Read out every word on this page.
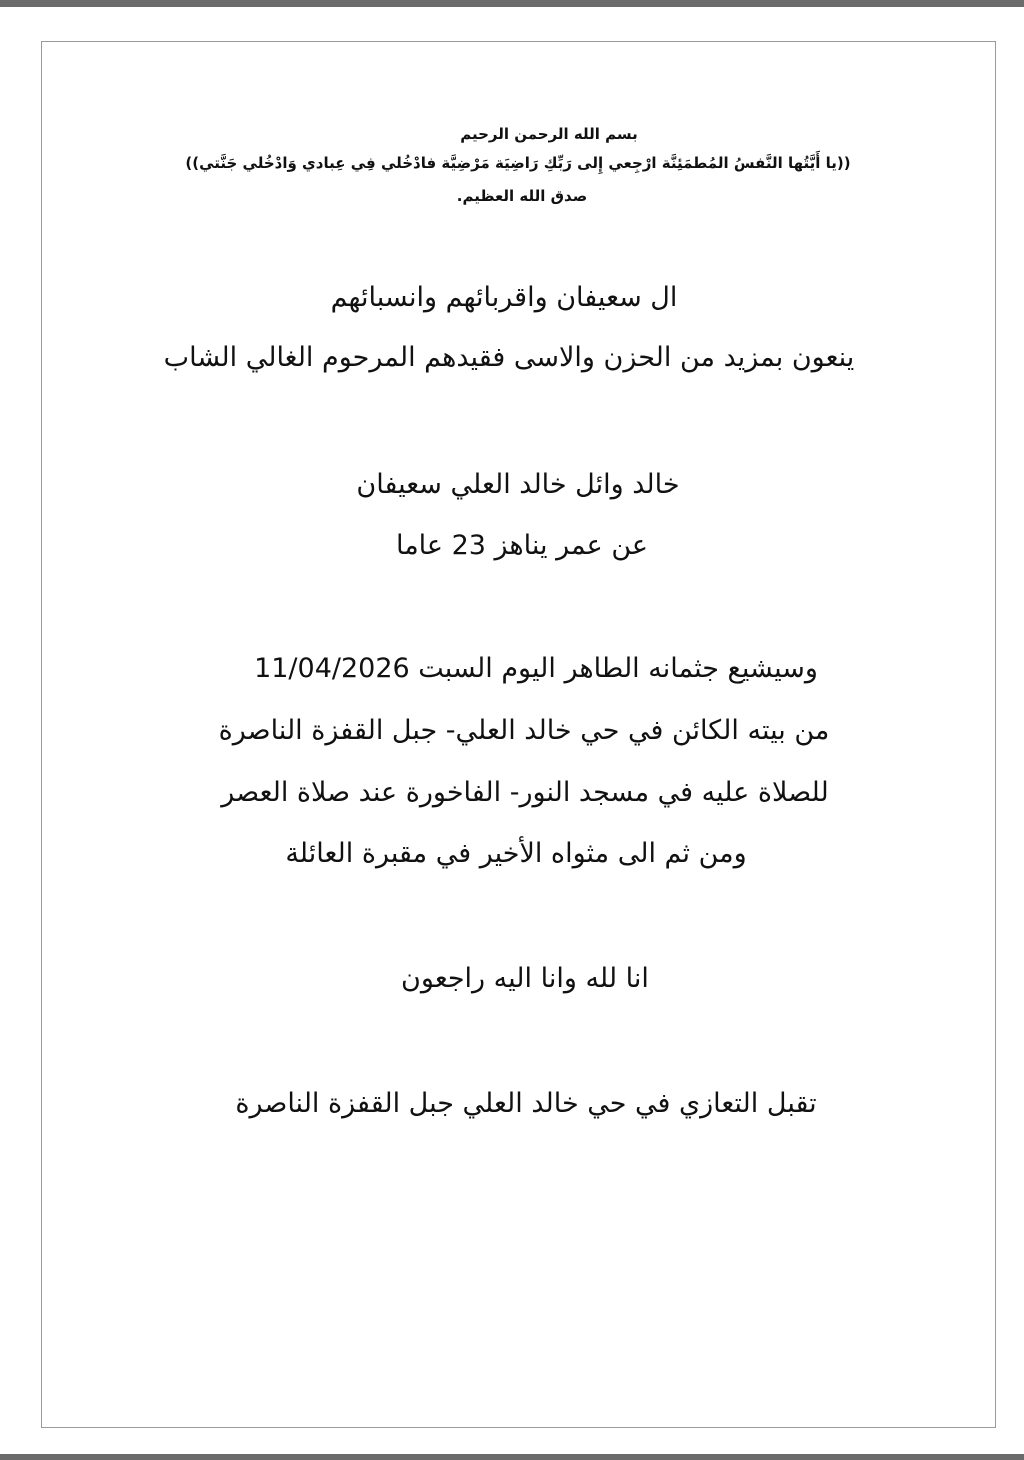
بسم الله الرحمن الرحيم
((يا أَيَّتُها النَّفسُ المُطمَئِنَّة ارْجِعي إِلى رَبِّكِ رَاضِيَة مَرْضِيَّة فادْخُلي فِي عِبادي وَادْخُلي جَنَّتي))
صدق الله العظيم.
ال سعيفان واقربائهم وانسبائهم
ينعون بمزيد من الحزن والاسى فقيدهم المرحوم الغالي الشاب
خالد وائل خالد العلي سعيفان
عن عمر يناهز 23 عاما
وسيشيع جثمانه الطاهر اليوم السبت 11/04/2026
من بيته الكائن في حي خالد العلي- جبل القفزة الناصرة
للصلاة عليه في مسجد النور- الفاخورة عند صلاة العصر
ومن ثم الى مثواه الأخير في مقبرة العائلة
انا لله وانا اليه راجعون
تقبل التعازي في حي خالد العلي جبل القفزة الناصرة
